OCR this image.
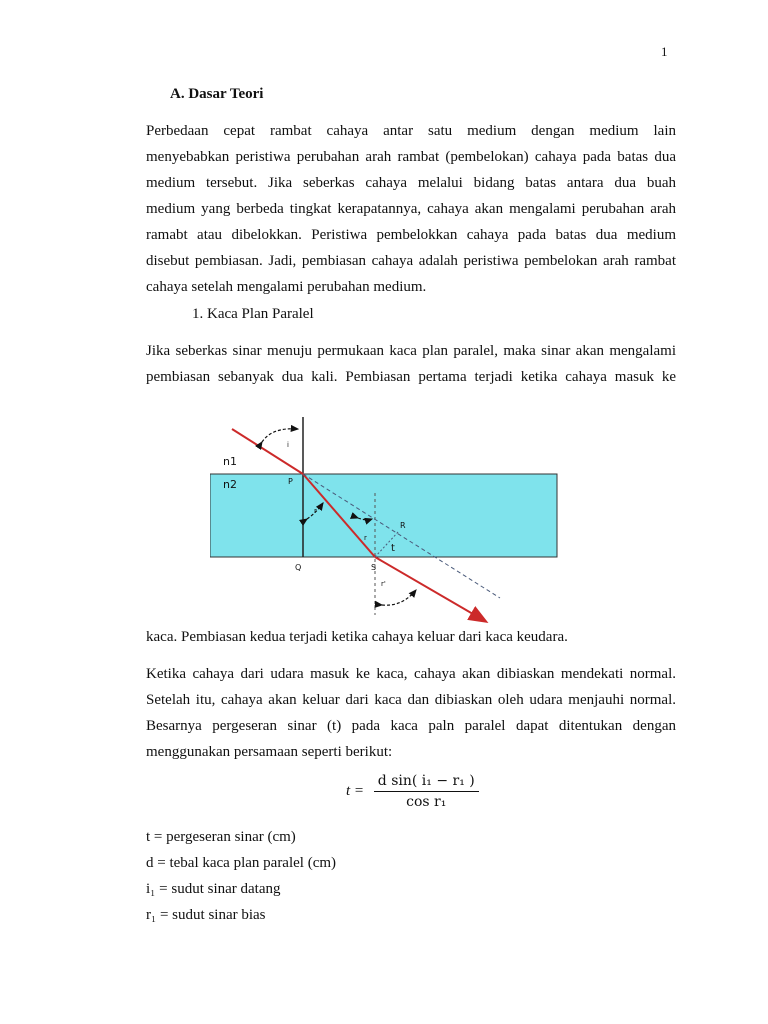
1
A. Dasar Teori
Perbedaan cepat rambat cahaya antar satu medium dengan medium lain
menyebabkan peristiwa perubahan arah rambat (pembelokan) cahaya pada batas dua
medium tersebut. Jika seberkas cahaya melalui bidang batas antara dua buah
medium yang berbeda tingkat kerapatannya, cahaya akan mengalami perubahan arah
ramabt atau dibelokkan. Peristiwa pembelokkan cahaya pada batas dua medium
disebut pembiasan. Jadi, pembiasan cahaya adalah peristiwa pembelokan arah rambat
cahaya setelah mengalami perubahan medium.
1. Kaca Plan Paralel
Jika seberkas sinar menuju permukaan kaca plan paralel, maka sinar akan mengalami
pembiasan sebanyak dua kali. Pembiasan pertama terjadi ketika cahaya masuk ke
n1
n2	P
Q	S
R
t
i
r
r
r'
kaca. Pembiasan kedua terjadi ketika cahaya keluar dari kaca keudara.
Ketika cahaya dari udara masuk ke kaca, cahaya akan dibiaskan mendekati normal.
Setelah itu, cahaya akan keluar dari kaca dan dibiaskan oleh udara menjauhi normal.
Besarnya pergeseran sinar (t) pada kaca paln paralel dapat ditentukan dengan
menggunakan persamaan seperti berikut:
$t = \frac{\text{d sin( i₁ − r₁ )}}{\text{cos r₁}}$
t = pergeseran sinar (cm)
d = tebal kaca plan paralel (cm)
i₁ = sudut sinar datang
r₁ = sudut sinar bias
